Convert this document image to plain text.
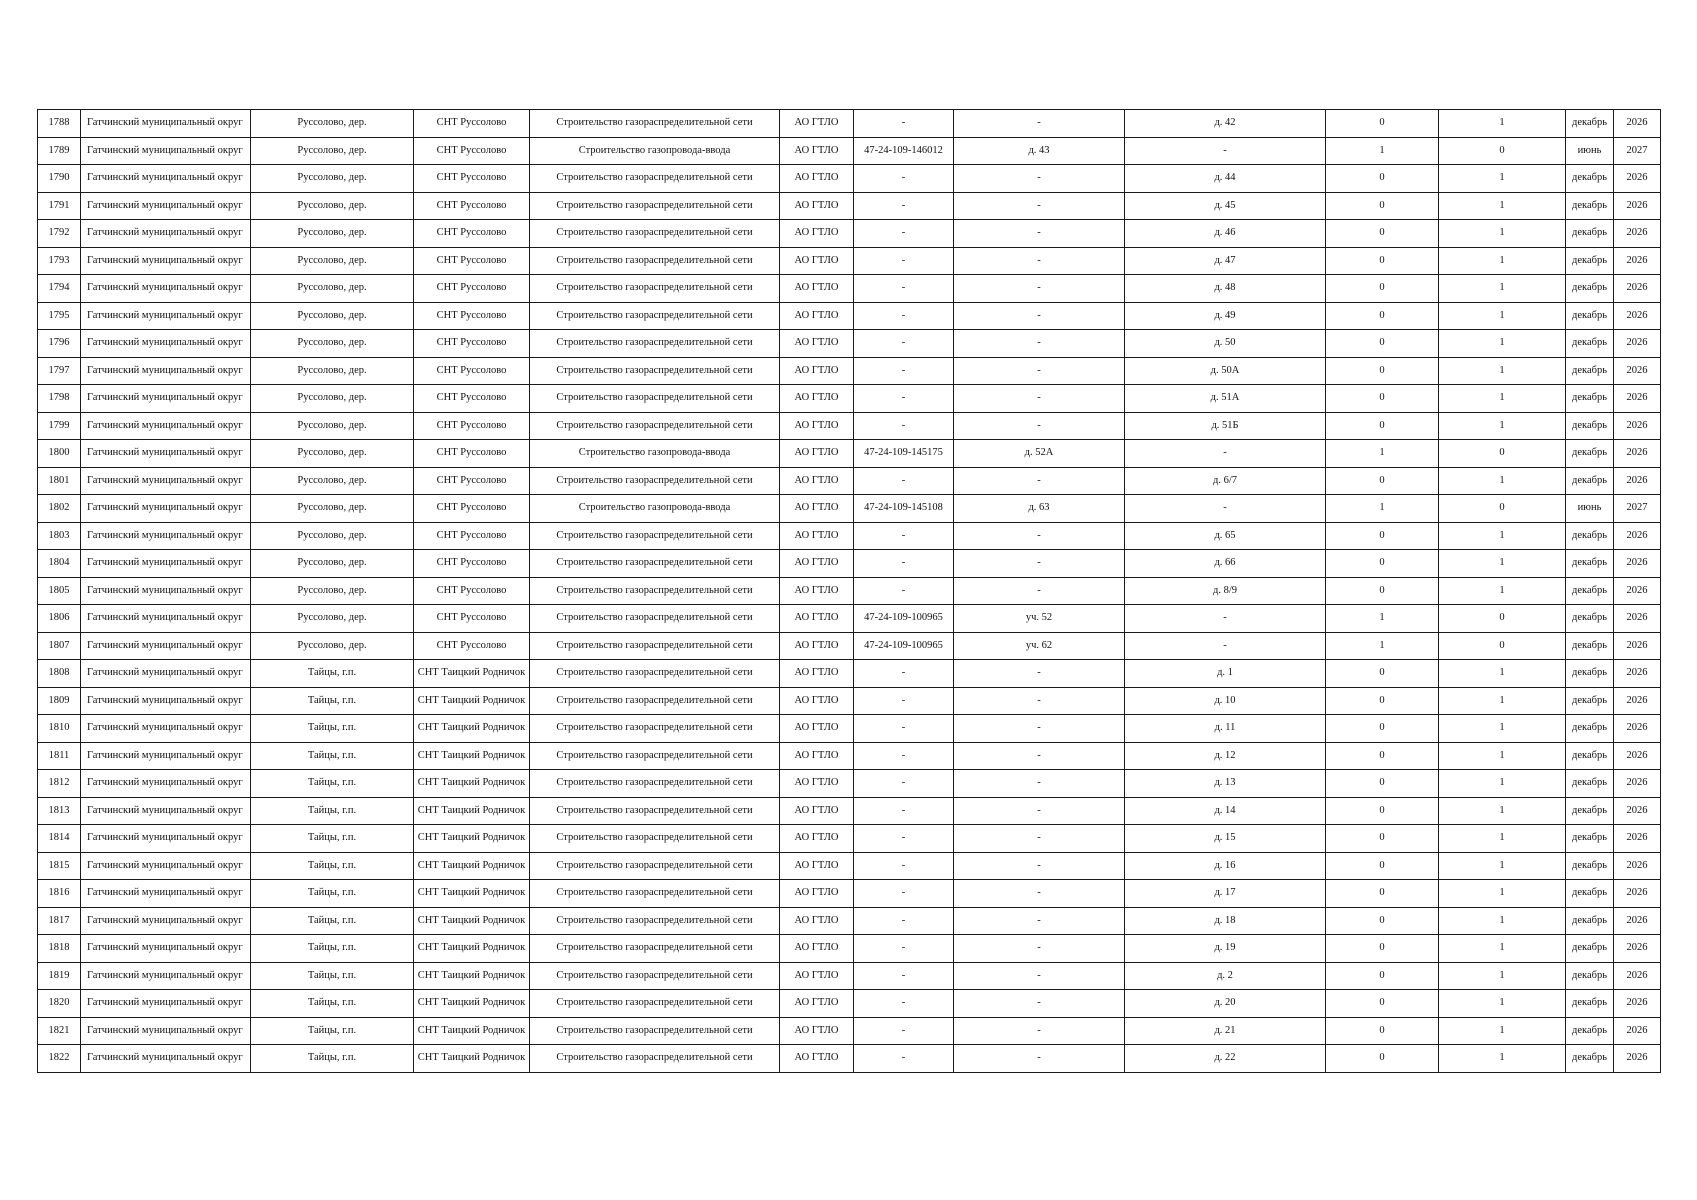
1788	Гатчинский муниципальный округ	Руссолово, дер.	СНТ Руссолово	Строительство газораспределительной сети	АО ГТЛО	-	-	д. 42	0	1	декабрь	2026
1789	Гатчинский муниципальный округ	Руссолово, дер.	СНТ Руссолово	Строительство газопровода-ввода	АО ГТЛО	47-24-109-146012	д. 43	-	1	0	июнь	2027
1790	Гатчинский муниципальный округ	Руссолово, дер.	СНТ Руссолово	Строительство газораспределительной сети	АО ГТЛО	-	-	д. 44	0	1	декабрь	2026
1791	Гатчинский муниципальный округ	Руссолово, дер.	СНТ Руссолово	Строительство газораспределительной сети	АО ГТЛО	-	-	д. 45	0	1	декабрь	2026
1792	Гатчинский муниципальный округ	Руссолово, дер.	СНТ Руссолово	Строительство газораспределительной сети	АО ГТЛО	-	-	д. 46	0	1	декабрь	2026
1793	Гатчинский муниципальный округ	Руссолово, дер.	СНТ Руссолово	Строительство газораспределительной сети	АО ГТЛО	-	-	д. 47	0	1	декабрь	2026
1794	Гатчинский муниципальный округ	Руссолово, дер.	СНТ Руссолово	Строительство газораспределительной сети	АО ГТЛО	-	-	д. 48	0	1	декабрь	2026
1795	Гатчинский муниципальный округ	Руссолово, дер.	СНТ Руссолово	Строительство газораспределительной сети	АО ГТЛО	-	-	д. 49	0	1	декабрь	2026
1796	Гатчинский муниципальный округ	Руссолово, дер.	СНТ Руссолово	Строительство газораспределительной сети	АО ГТЛО	-	-	д. 50	0	1	декабрь	2026
1797	Гатчинский муниципальный округ	Руссолово, дер.	СНТ Руссолово	Строительство газораспределительной сети	АО ГТЛО	-	-	д. 50А	0	1	декабрь	2026
1798	Гатчинский муниципальный округ	Руссолово, дер.	СНТ Руссолово	Строительство газораспределительной сети	АО ГТЛО	-	-	д. 51А	0	1	декабрь	2026
1799	Гатчинский муниципальный округ	Руссолово, дер.	СНТ Руссолово	Строительство газораспределительной сети	АО ГТЛО	-	-	д. 51Б	0	1	декабрь	2026
1800	Гатчинский муниципальный округ	Руссолово, дер.	СНТ Руссолово	Строительство газопровода-ввода	АО ГТЛО	47-24-109-145175	д. 52А	-	1	0	декабрь	2026
1801	Гатчинский муниципальный округ	Руссолово, дер.	СНТ Руссолово	Строительство газораспределительной сети	АО ГТЛО	-	-	д. 6/7	0	1	декабрь	2026
1802	Гатчинский муниципальный округ	Руссолово, дер.	СНТ Руссолово	Строительство газопровода-ввода	АО ГТЛО	47-24-109-145108	д. 63	-	1	0	июнь	2027
1803	Гатчинский муниципальный округ	Руссолово, дер.	СНТ Руссолово	Строительство газораспределительной сети	АО ГТЛО	-	-	д. 65	0	1	декабрь	2026
1804	Гатчинский муниципальный округ	Руссолово, дер.	СНТ Руссолово	Строительство газораспределительной сети	АО ГТЛО	-	-	д. 66	0	1	декабрь	2026
1805	Гатчинский муниципальный округ	Руссолово, дер.	СНТ Руссолово	Строительство газораспределительной сети	АО ГТЛО	-	-	д. 8/9	0	1	декабрь	2026
1806	Гатчинский муниципальный округ	Руссолово, дер.	СНТ Руссолово	Строительство газораспределительной сети	АО ГТЛО	47-24-109-100965	уч. 52	-	1	0	декабрь	2026
1807	Гатчинский муниципальный округ	Руссолово, дер.	СНТ Руссолово	Строительство газораспределительной сети	АО ГТЛО	47-24-109-100965	уч. 62	-	1	0	декабрь	2026
1808	Гатчинский муниципальный округ	Тайцы, г.п.	СНТ Таицкий Родничок	Строительство газораспределительной сети	АО ГТЛО	-	-	д. 1	0	1	декабрь	2026
1809	Гатчинский муниципальный округ	Тайцы, г.п.	СНТ Таицкий Родничок	Строительство газораспределительной сети	АО ГТЛО	-	-	д. 10	0	1	декабрь	2026
1810	Гатчинский муниципальный округ	Тайцы, г.п.	СНТ Таицкий Родничок	Строительство газораспределительной сети	АО ГТЛО	-	-	д. 11	0	1	декабрь	2026
1811	Гатчинский муниципальный округ	Тайцы, г.п.	СНТ Таицкий Родничок	Строительство газораспределительной сети	АО ГТЛО	-	-	д. 12	0	1	декабрь	2026
1812	Гатчинский муниципальный округ	Тайцы, г.п.	СНТ Таицкий Родничок	Строительство газораспределительной сети	АО ГТЛО	-	-	д. 13	0	1	декабрь	2026
1813	Гатчинский муниципальный округ	Тайцы, г.п.	СНТ Таицкий Родничок	Строительство газораспределительной сети	АО ГТЛО	-	-	д. 14	0	1	декабрь	2026
1814	Гатчинский муниципальный округ	Тайцы, г.п.	СНТ Таицкий Родничок	Строительство газораспределительной сети	АО ГТЛО	-	-	д. 15	0	1	декабрь	2026
1815	Гатчинский муниципальный округ	Тайцы, г.п.	СНТ Таицкий Родничок	Строительство газораспределительной сети	АО ГТЛО	-	-	д. 16	0	1	декабрь	2026
1816	Гатчинский муниципальный округ	Тайцы, г.п.	СНТ Таицкий Родничок	Строительство газораспределительной сети	АО ГТЛО	-	-	д. 17	0	1	декабрь	2026
1817	Гатчинский муниципальный округ	Тайцы, г.п.	СНТ Таицкий Родничок	Строительство газораспределительной сети	АО ГТЛО	-	-	д. 18	0	1	декабрь	2026
1818	Гатчинский муниципальный округ	Тайцы, г.п.	СНТ Таицкий Родничок	Строительство газораспределительной сети	АО ГТЛО	-	-	д. 19	0	1	декабрь	2026
1819	Гатчинский муниципальный округ	Тайцы, г.п.	СНТ Таицкий Родничок	Строительство газораспределительной сети	АО ГТЛО	-	-	д. 2	0	1	декабрь	2026
1820	Гатчинский муниципальный округ	Тайцы, г.п.	СНТ Таицкий Родничок	Строительство газораспределительной сети	АО ГТЛО	-	-	д. 20	0	1	декабрь	2026
1821	Гатчинский муниципальный округ	Тайцы, г.п.	СНТ Таицкий Родничок	Строительство газораспределительной сети	АО ГТЛО	-	-	д. 21	0	1	декабрь	2026
1822	Гатчинский муниципальный округ	Тайцы, г.п.	СНТ Таицкий Родничок	Строительство газораспределительной сети	АО ГТЛО	-	-	д. 22	0	1	декабрь	2026
